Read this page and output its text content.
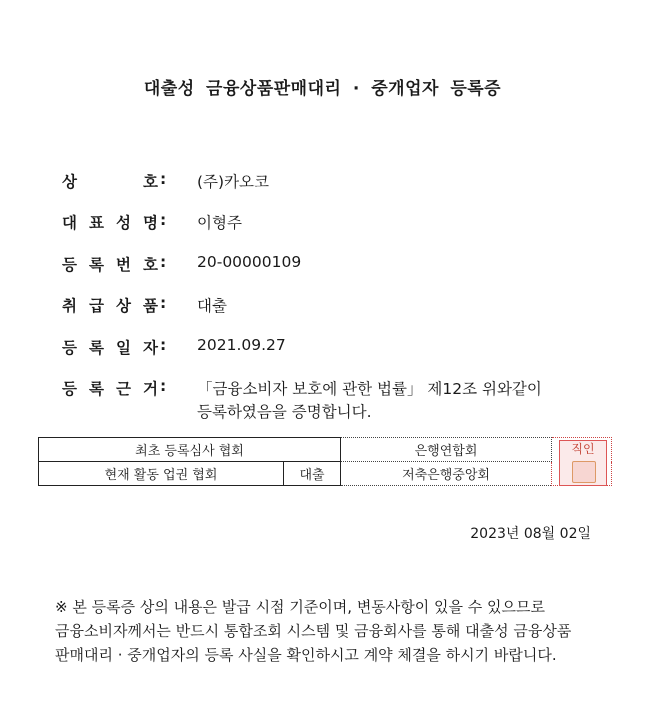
대출성 금융상품판매대리 · 중개업자 등록증
상	호 : (주)카오코
대 표 성 명 : 이형주
등 록 번 호 : 20-00000109
취 급 상 품 : 대출
등 록 일 자 : 2021.09.27
등 록 근 거 : 「금융소비자 보호에 관한 법률」 제12조 위와같이
등록하였음을 증명합니다.
최초 등록심사 협회		은행연합회	직인

현재 활동 업권 협회	대출	저축은행중앙회	
2023년 08월 02일
※ 본 등록증 상의 내용은 발급 시점 기준이며, 변동사항이 있을 수 있으므로 금융소비자께서는 반드시 통합조회 시스템 및 금융회사를 통해 대출성 금융상품 판매대리 · 중개업자의 등록 사실을 확인하시고 계약 체결을 하시기 바랍니다.
